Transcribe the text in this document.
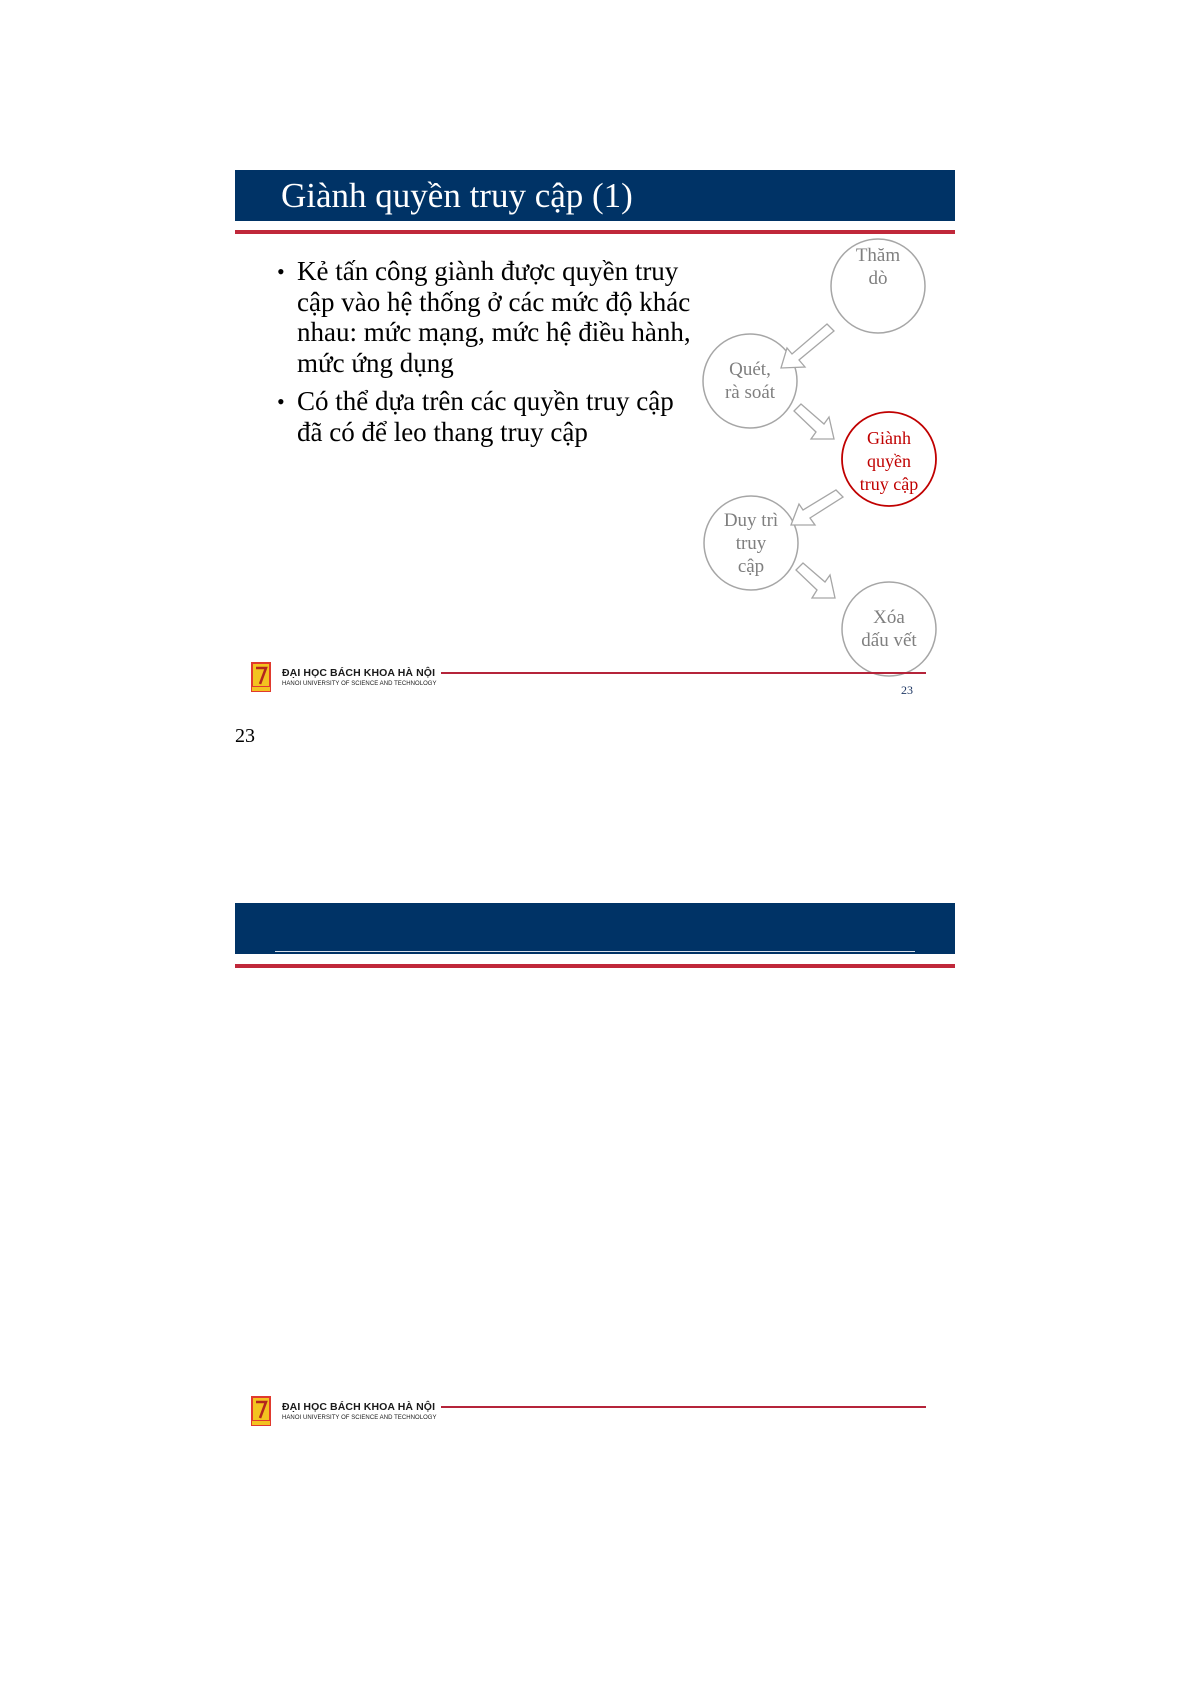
Giành quyền truy cập (1)
• Kẻ tấn công giành được quyền truy cập vào hệ thống ở các mức độ khác nhau: mức mạng, mức hệ điều hành, mức ứng dụng
• Có thể dựa trên các quyền truy cập đã có để leo thang truy cập
Thăm
dò
Quét,
rà soát
Giành
quyền
truy cập
Duy trì
truy
cập
Xóa
dấu vết
ĐẠI HỌC BÁCH KHOA HÀ NỘI
HANOI UNIVERSITY OF SCIENCE AND TECHNOLOGY	23
23
ĐẠI HỌC BÁCH KHOA HÀ NỘI
HANOI UNIVERSITY OF SCIENCE AND TECHNOLOGY
